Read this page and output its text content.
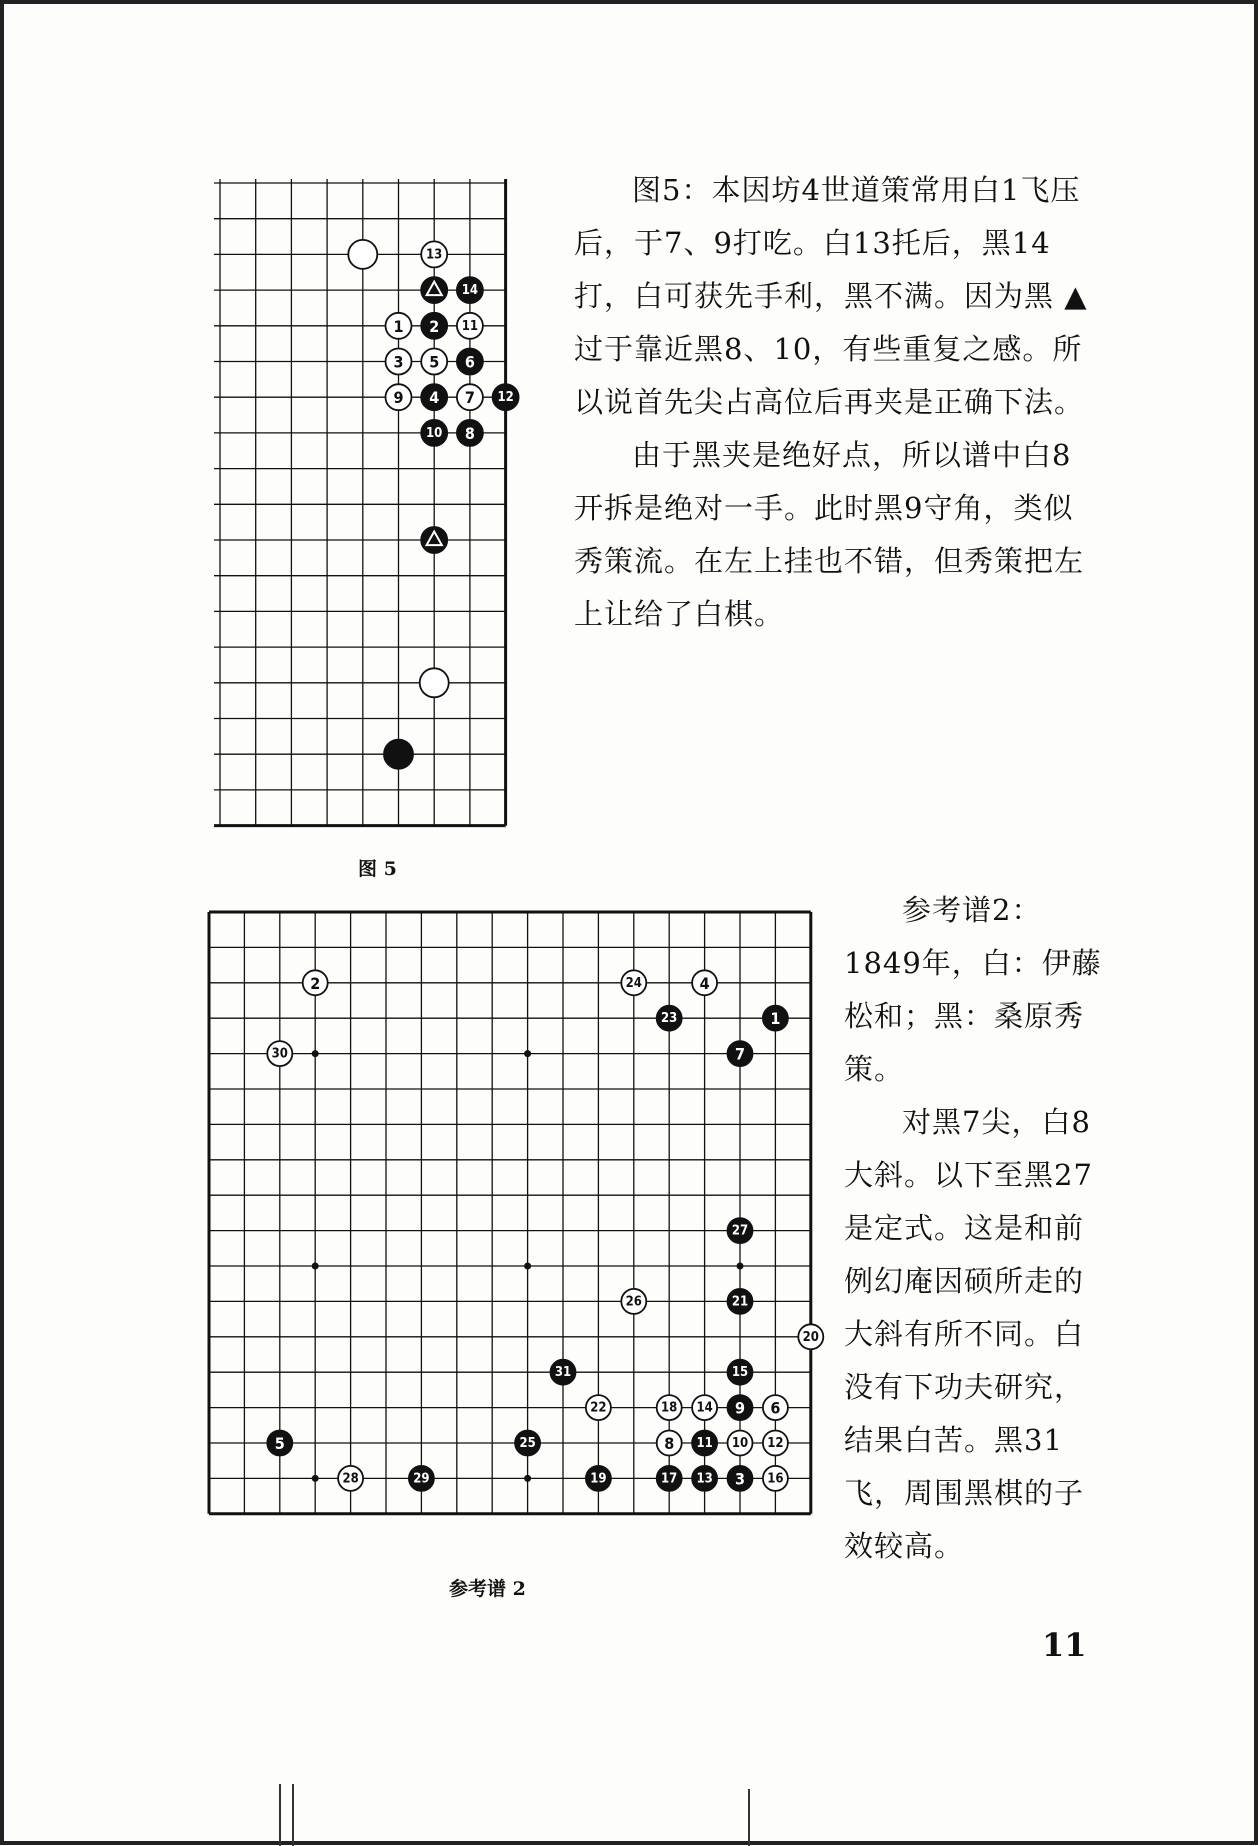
13
14
1 2 11
3 5 6
9 4 7 12
10 8
图 5

图5：本因坊4世道策常用白1飞压后，于7、9打吃。白13托后，黑14打，白可获先手利，黑不满。因为黑 ▲ 过于靠近黑8、10，有些重复之感。所以说首先尖占高位后再夹是正确下法。

由于黑夹是绝好点，所以谱中白8开拆是绝对一手。此时黑9守角，类似秀策流。在左上挂也不错，但秀策把左上让给了白棋。

2	24	4
23	1
30	7
27
26	21
20
31	15
22	18 14 9 6
5	25	8 11 10 12
28	29	19	17 13 3 16
参考谱 2

参考谱2：1849年，白：伊藤松和；黑：桑原秀策。

对黑7尖，白8大斜。以下至黑27是定式。这是和前例幻庵因硕所走的大斜有所不同。白没有下功夫研究，结果白苦。黑31飞，周围黑棋的子效较高。

11
